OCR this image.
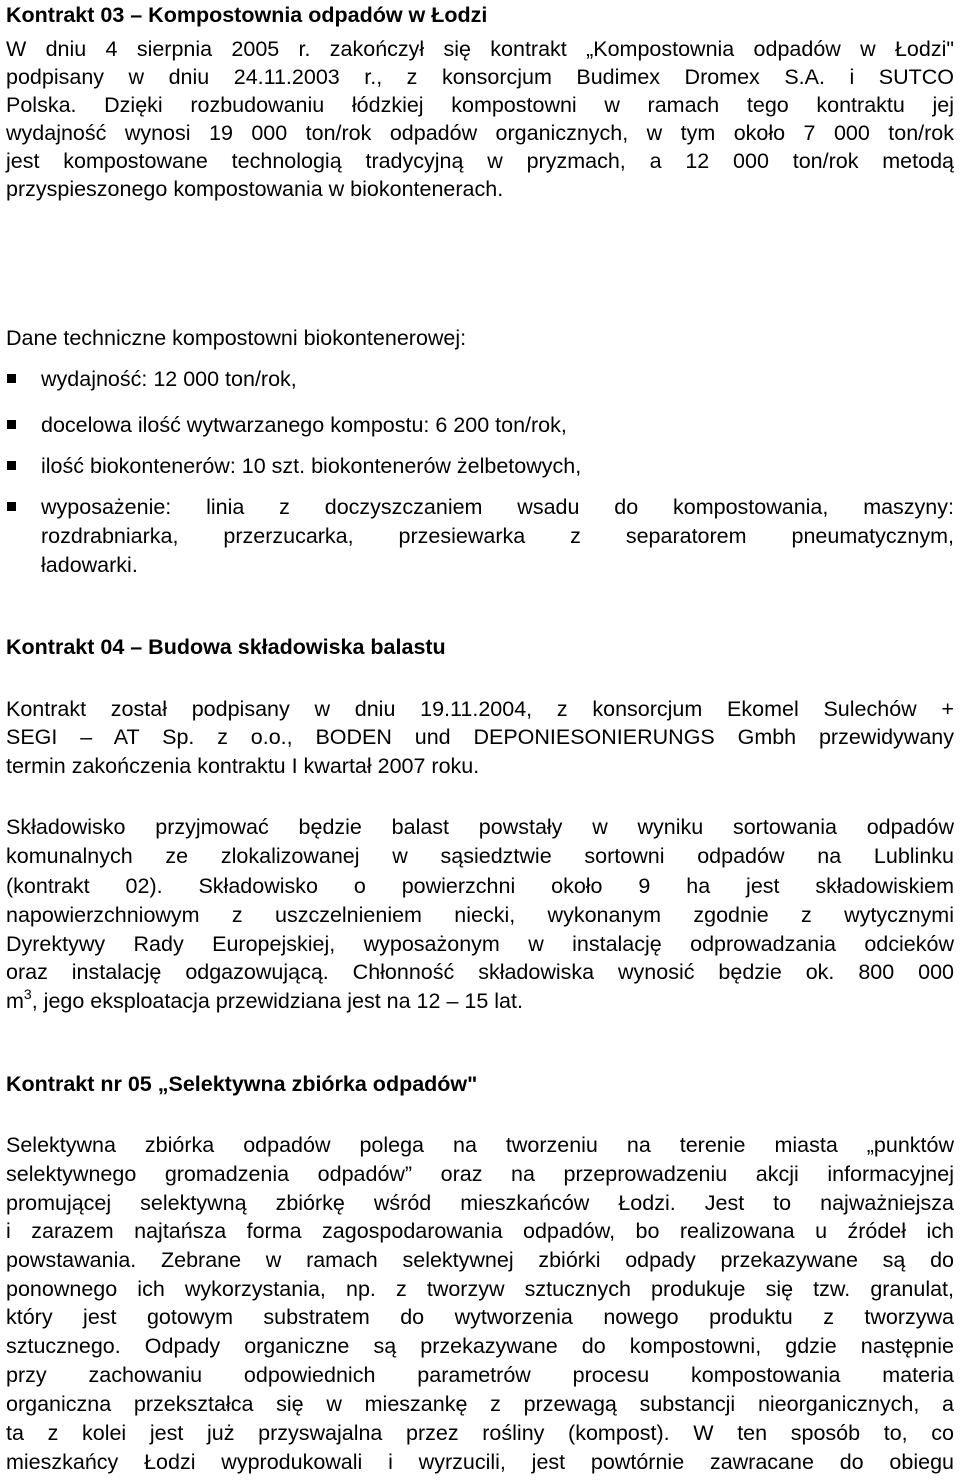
Kontrakt 03 – Kompostownia odpadów w Łodzi
W dniu 4 sierpnia 2005 r. zakończył się kontrakt „Kompostownia odpadów w Łodzi"
podpisany w dniu 24.11.2003 r., z konsorcjum Budimex Dromex S.A. i SUTCO
Polska. Dzięki rozbudowaniu łódzkiej kompostowni w ramach tego kontraktu jej
wydajność wynosi 19 000 ton/rok odpadów organicznych, w tym około 7 000 ton/rok
jest kompostowane technologią tradycyjną w pryzmach, a 12 000 ton/rok metodą
przyspieszonego kompostowania w biokontenerach.
Dane techniczne kompostowni biokontenerowej:
wydajność: 12 000 ton/rok,
docelowa ilość wytwarzanego kompostu: 6 200 ton/rok,
ilość biokontenerów: 10 szt. biokontenerów żelbetowych,
wyposażenie: linia z doczyszczaniem wsadu do kompostowania, maszyny:
rozdrabniarka, przerzucarka, przesiewarka z separatorem pneumatycznym,
ładowarki.
Kontrakt 04 – Budowa składowiska balastu
Kontrakt został podpisany w dniu 19.11.2004, z konsorcjum Ekomel Sulechów +
SEGI – AT Sp. z o.o., BODEN und DEPONIESONIERUNGS Gmbh przewidywany
termin zakończenia kontraktu I kwartał 2007 roku.
Składowisko przyjmować będzie balast powstały w wyniku sortowania odpadów
komunalnych ze zlokalizowanej w sąsiedztwie sortowni odpadów na Lublinku
(kontrakt 02). Składowisko o powierzchni około 9 ha jest składowiskiem
napowierzchniowym z uszczelnieniem niecki, wykonanym zgodnie z wytycznymi
Dyrektywy Rady Europejskiej, wyposażonym w instalację odprowadzania odcieków
oraz instalację odgazowującą. Chłonność składowiska wynosić będzie ok. 800 000
$m^3$, jego eksploatacja przewidziana jest na 12 – 15 lat.
Kontrakt nr 05 „Selektywna zbiórka odpadów"
Selektywna zbiórka odpadów polega na tworzeniu na terenie miasta „punktów
selektywnego gromadzenia odpadów” oraz na przeprowadzeniu akcji informacyjnej
promującej selektywną zbiórkę wśród mieszkańców Łodzi. Jest to najważniejsza
i zarazem najtańsza forma zagospodarowania odpadów, bo realizowana u źródeł ich
powstawania. Zebrane w ramach selektywnej zbiórki odpady przekazywane są do
ponownego ich wykorzystania, np. z tworzyw sztucznych produkuje się tzw. granulat,
który jest gotowym substratem do wytworzenia nowego produktu z tworzywa
sztucznego. Odpady organiczne są przekazywane do kompostowni, gdzie następnie
przy zachowaniu odpowiednich parametrów procesu kompostowania materia
organiczna przekształca się w mieszankę z przewagą substancji nieorganicznych, a
ta z kolei jest już przyswajalna przez rośliny (kompost). W ten sposób to, co
mieszkańcy Łodzi wyprodukowali i wyrzucili, jest powtórnie zawracane do obiegu
